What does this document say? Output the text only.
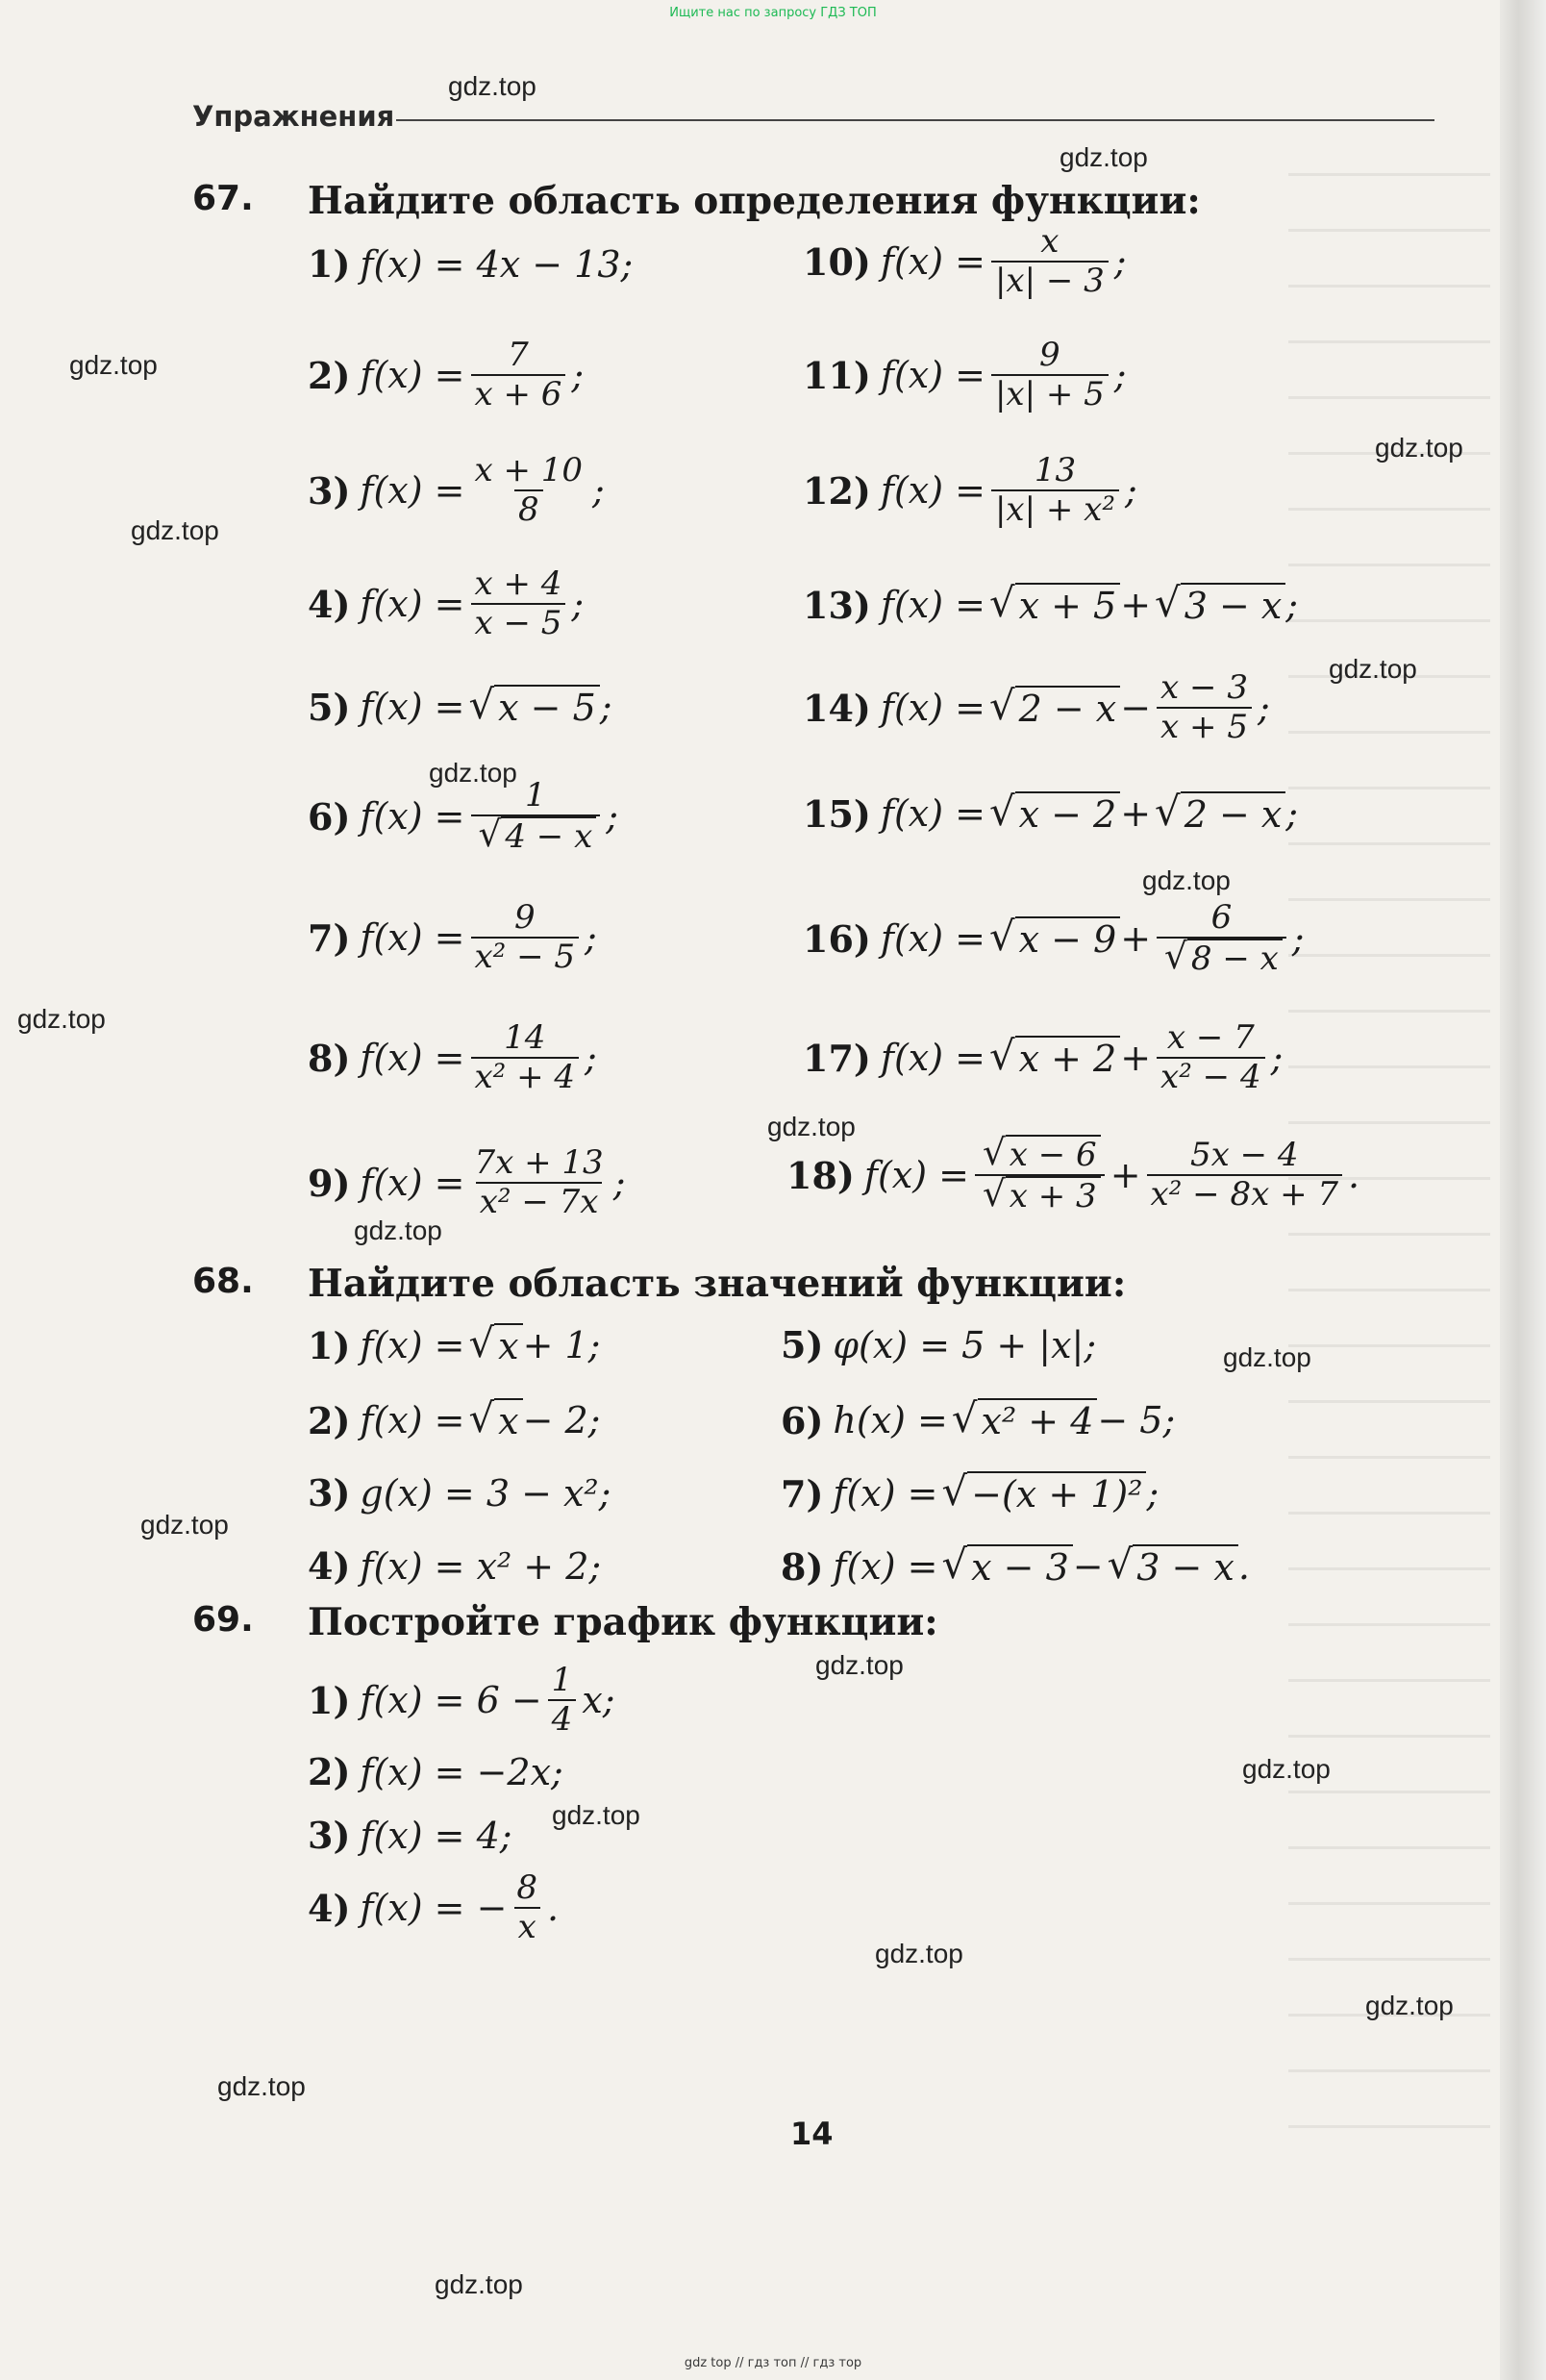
Ищите нас по запросу ГДЗ ТОП
Упражнения
67. Найдите область определения функции:
1) f(x) = 4x − 13;
2) $f(x) = \frac{7}{x + 6}$ ;
3) $f(x) = \frac{x + 10}{8}$ ;
4) $f(x) = \frac{x + 4}{x - 5}$ ;
5) f(x) = √ x − 5 ;
6) $f(x) = \frac{1}{√ 4 - x}$ ;
7) $f(x) = \frac{9}{\text{x² − 5}}$ ;
8) $f(x) = \frac{14}{\text{x² + 4}}$ ;
9) $f(x) = \frac{7x + 13}{\text{x² − 7x}}$ ;
10) $f(x) = \frac{x}{|x| - 3}$ ;
11) $f(x) = \frac{9}{|x| + 5}$ ;
12) $f(x) = \frac{13}{\text{|x| + x²}}$ ;
13) f(x) = √ x + 5 + √ 3 − x ;
14) f(x) = √ $2 - x - \frac{x - 3}{x + 5}$ ;
15) f(x) = √ x − 2 + √ 2 − x ;
16) f(x) = √ $x - 9 + \frac{6}{√ 8 - x}$ ;
17) f(x) = √ $x + 2 + \frac{x - 7}{\text{x² − 4}}$ ;
18) $f(x) = \frac{√ x - 6}{√ x + 3} + \frac{5x - 4}{\text{x² − 8x + 7}}$ .
68. Найдите область значений функции:
1) f(x) = √ x + 1;
2) f(x) = √ x − 2;
3) g(x) = 3 − x²;
4) f(x) = x² + 2;
5) φ(x) = 5 + |x|;
6) h(x) = √ x² + 4 − 5;
7) f(x) = √ −(x + 1)² ;
8) f(x) = √ x − 3 − √ 3 − x .
69. Постройте график функции:
1) $f(x) = 6 - \frac{1}{4} x$;
2) f(x) = −2x;
3) f(x) = 4;
4) f(x) = − $\frac{8}{x}$ .
14
gdz.top
gdz.top
gdz.top
gdz.top
gdz.top
gdz.top
gdz.top
gdz.top
gdz.top
gdz.top
gdz.top
gdz.top
gdz.top
gdz.top
gdz.top
gdz.top
gdz.top
gdz.top
gdz.top
gdz.top
gdz top // гдз топ // гдз тор
